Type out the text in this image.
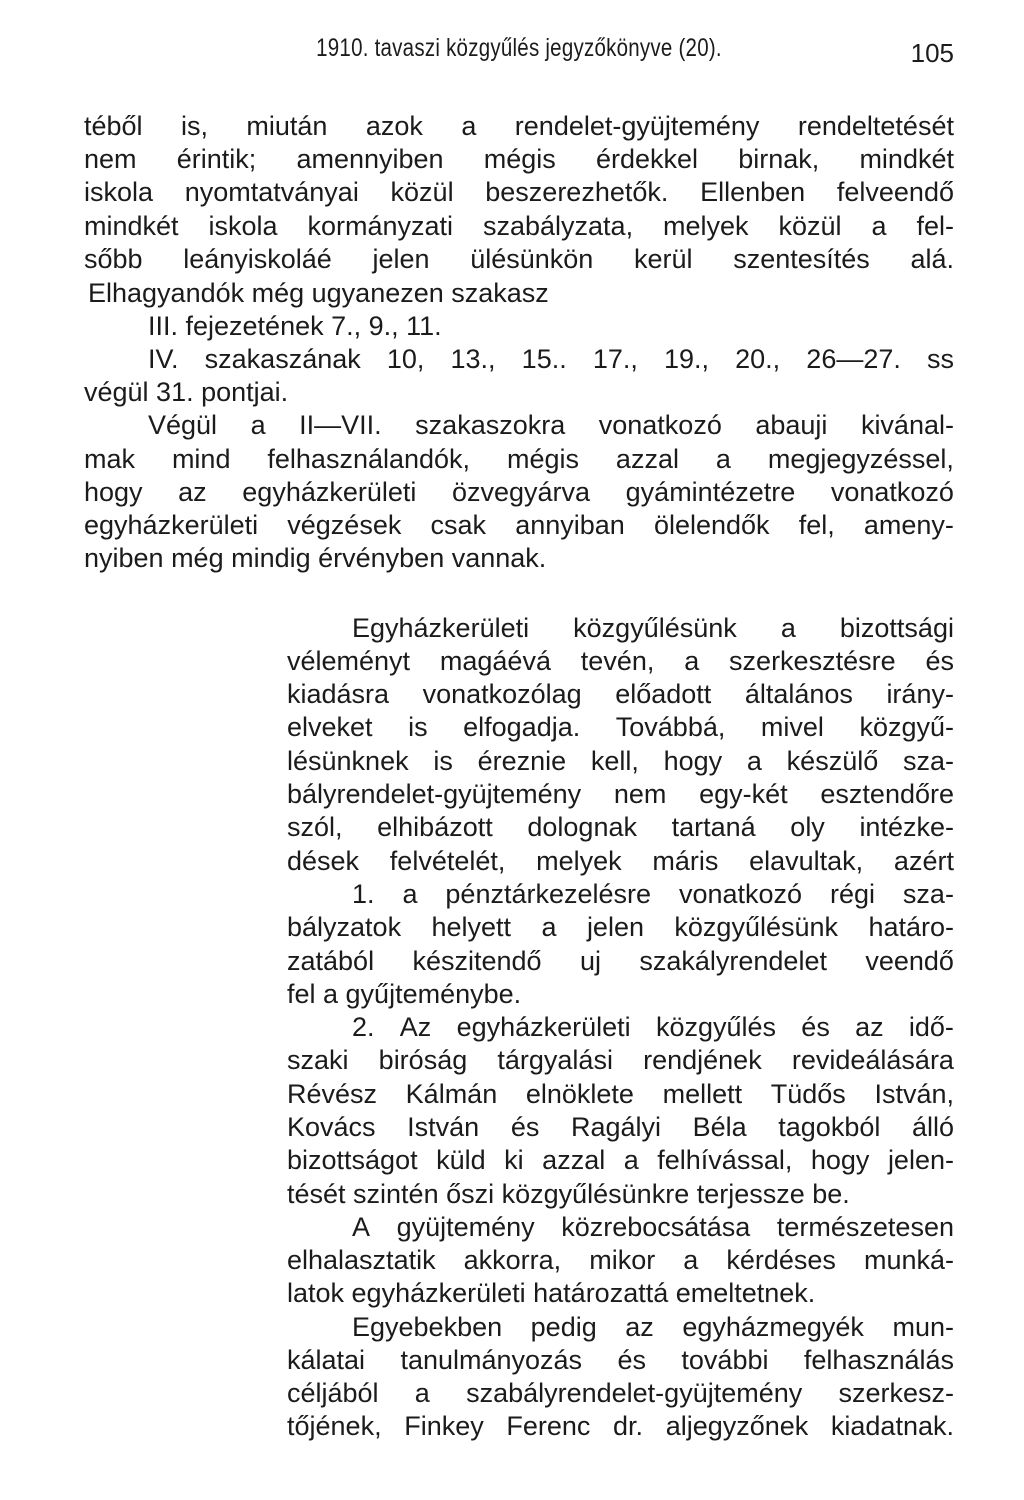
1910. tavaszi közgyűlés jegyzőkönyve (20).	105
téből is, miután azok a rendelet-gyüjtemény rendeltetését
nem érintik; amennyiben mégis érdekkel birnak, mindkét
iskola nyomtatványai közül beszerezhetők. Ellenben felveendő
mindkét iskola kormányzati szabályzata, melyek közül a fel-
sőbb leányiskoláé jelen ülésünkön kerül szentesítés alá.
Elhagyandók még ugyanezen szakasz
III. fejezetének 7., 9., 11.
IV. szakaszának 10, 13., 15.. 17., 19., 20., 26—27. ss
végül 31. pontjai.
Végül a II—VII. szakaszokra vonatkozó abauji kivánal-
mak mind felhasználandók, mégis azzal a megjegyzéssel,
hogy az egyházkerületi özvegyárva gyámintézetre vonatkozó
egyházkerületi végzések csak annyiban ölelendők fel, ameny-
nyiben még mindig érvényben vannak.
Egyházkerületi közgyűlésünk a bizottsági
véleményt magáévá tevén, a szerkesztésre és
kiadásra vonatkozólag előadott általános irány-
elveket is elfogadja. Továbbá, mivel közgyű-
lésünknek is éreznie kell, hogy a készülő sza-
bályrendelet-gyüjtemény nem egy-két esztendőre
szól, elhibázott dolognak tartaná oly intézke-
dések felvételét, melyek máris elavultak, azért
1. a pénztárkezelésre vonatkozó régi sza-
bályzatok helyett a jelen közgyűlésünk határo-
zatából készitendő uj szakályrendelet veendő
fel a gyűjteménybe.
2. Az egyházkerületi közgyűlés és az idő-
szaki biróság tárgyalási rendjének revideálására
Révész Kálmán elnöklete mellett Tüdős István,
Kovács István és Ragályi Béla tagokból álló
bizottságot küld ki azzal a felhívással, hogy jelen-
tését szintén őszi közgyűlésünkre terjessze be.
A gyüjtemény közrebocsátása természetesen
elhalasztatik akkorra, mikor a kérdéses munká-
latok egyházkerületi határozattá emeltetnek.
Egyebekben pedig az egyházmegyék mun-
kálatai tanulmányozás és további felhasználás
céljából a szabályrendelet-gyüjtemény szerkesz-
tőjének, Finkey Ferenc dr. aljegyzőnek kiadatnak.
